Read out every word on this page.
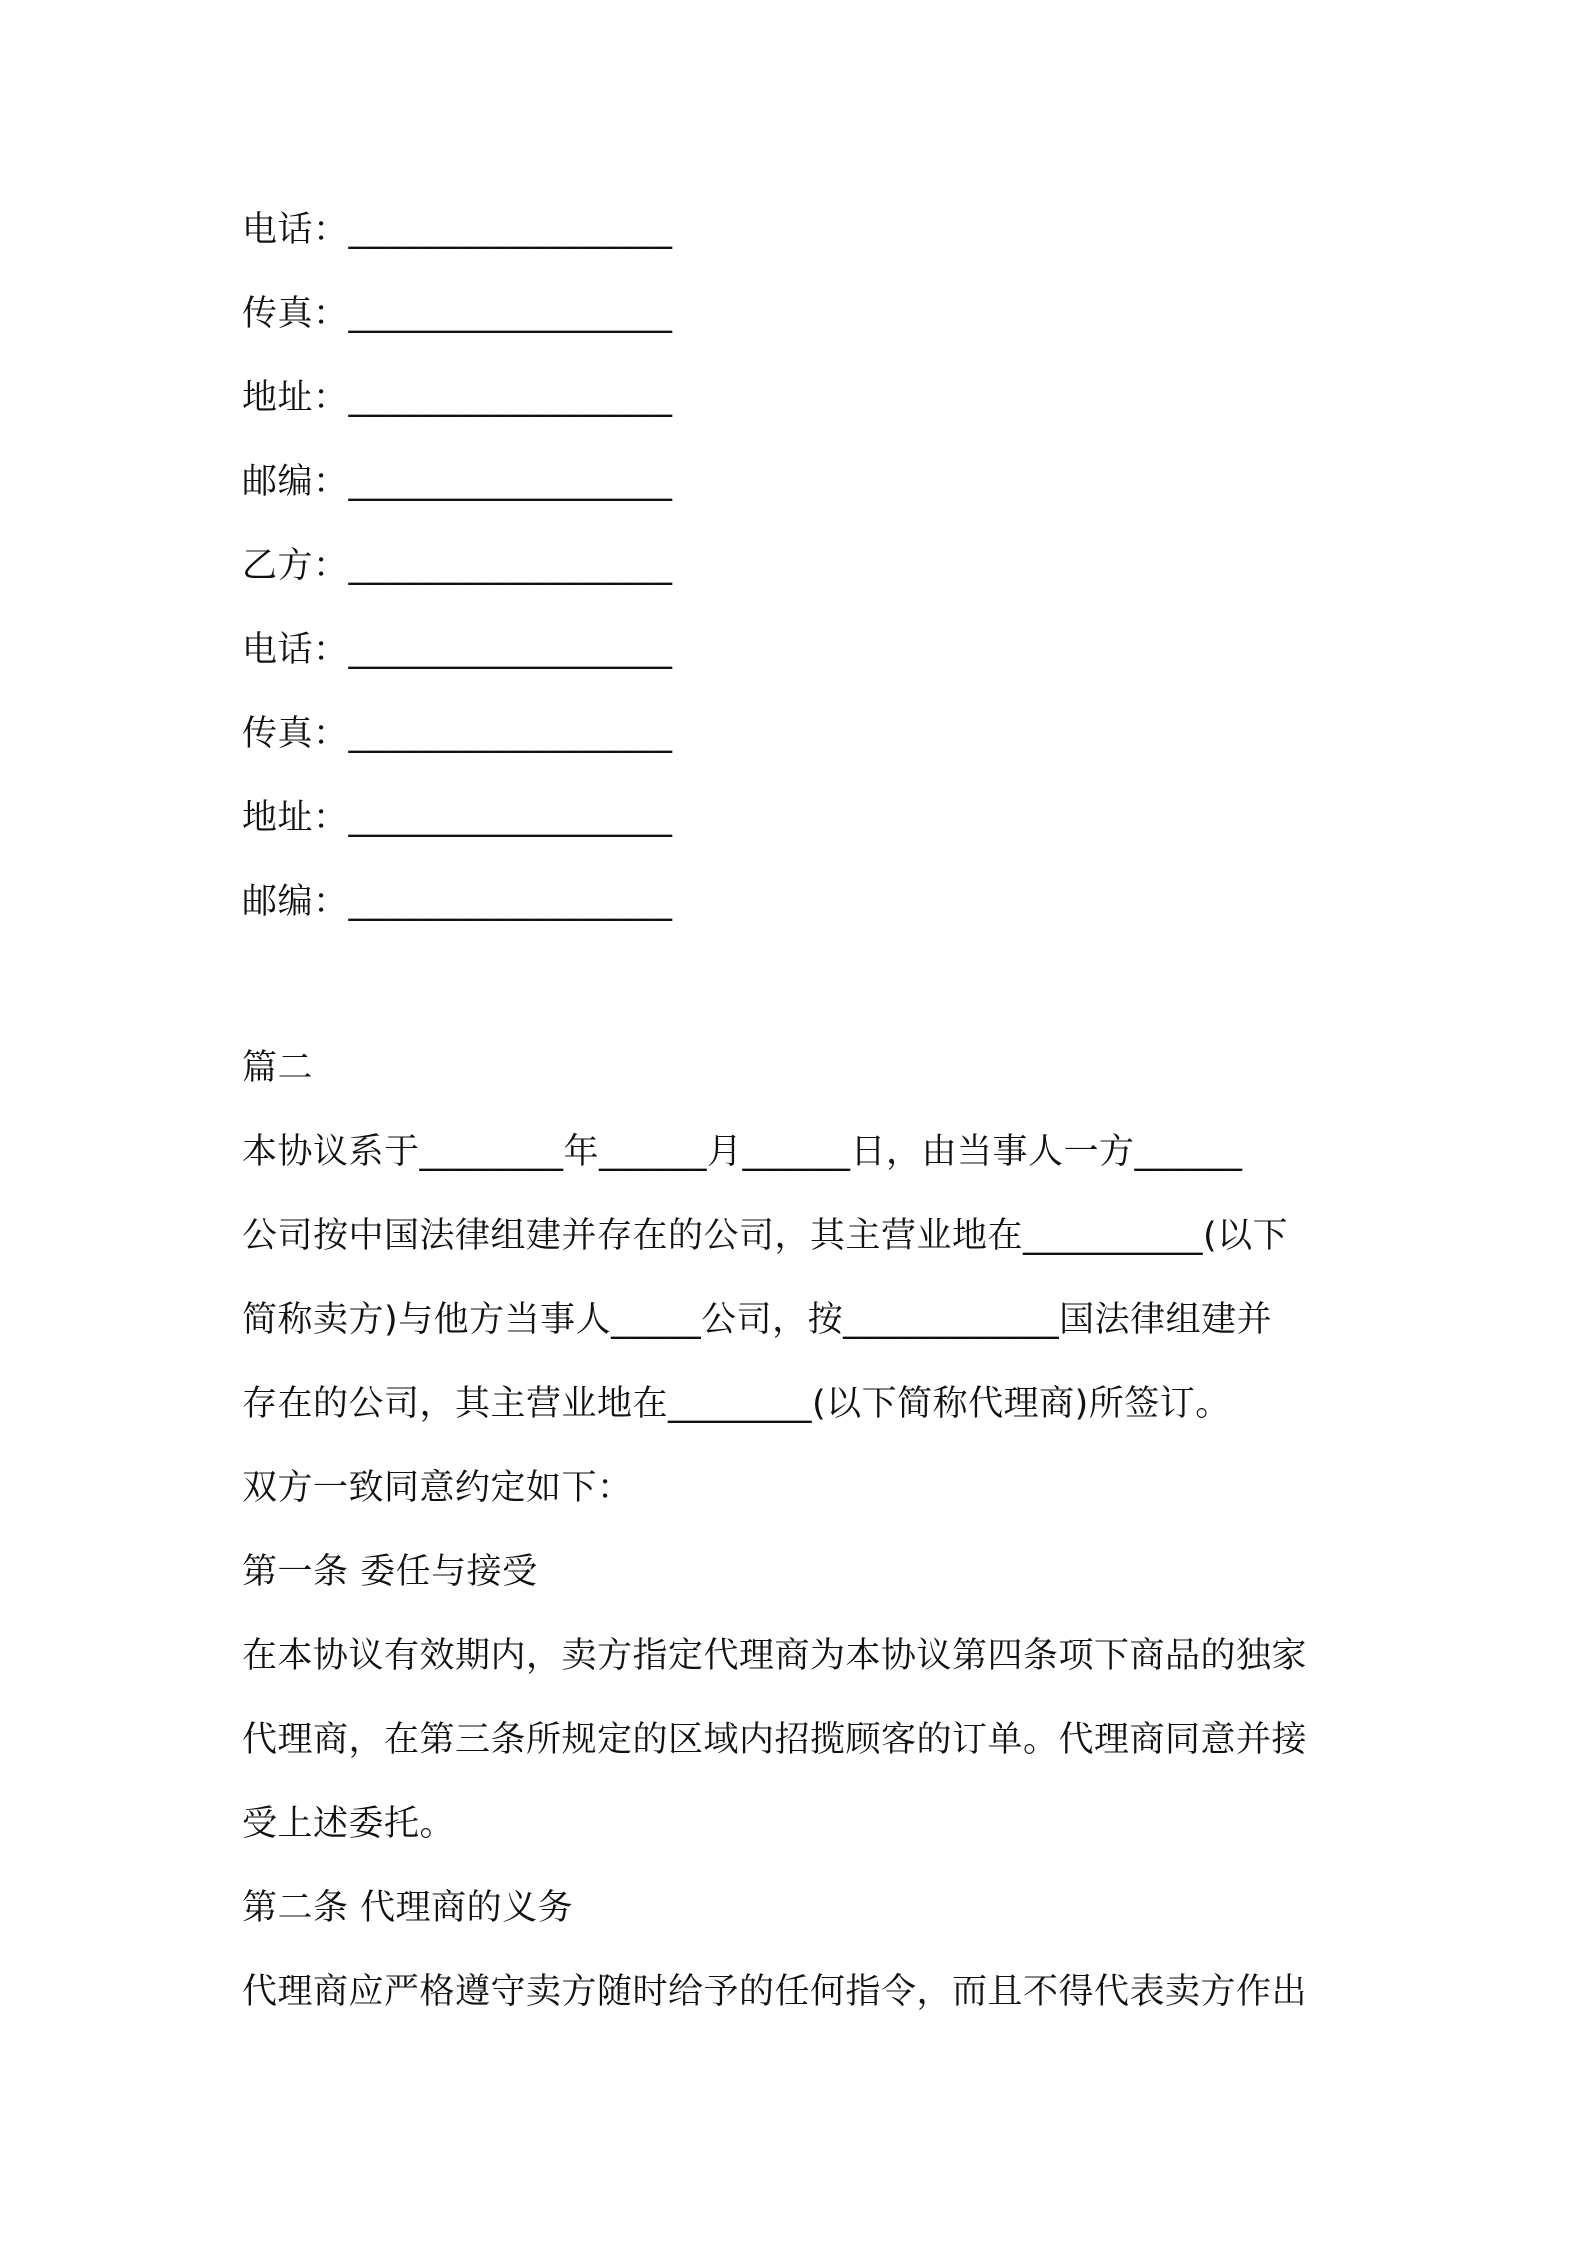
电话：__________________
传真：__________________
地址：__________________
邮编：__________________
乙方：__________________
电话：__________________
传真：__________________
地址：__________________
邮编：__________________
篇二
本协议系于________年______月______日，由当事人一方______
公司按中国法律组建并存在的公司，其主营业地在__________(以下
简称卖方)与他方当事人_____公司，按____________国法律组建并
存在的公司，其主营业地在________(以下简称代理商)所签订。
双方一致同意约定如下：
第一条 委任与接受
在本协议有效期内，卖方指定代理商为本协议第四条项下商品的独家
代理商，在第三条所规定的区域内招揽顾客的订单。代理商同意并接
受上述委托。
第二条 代理商的义务
代理商应严格遵守卖方随时给予的任何指令，而且不得代表卖方作出
